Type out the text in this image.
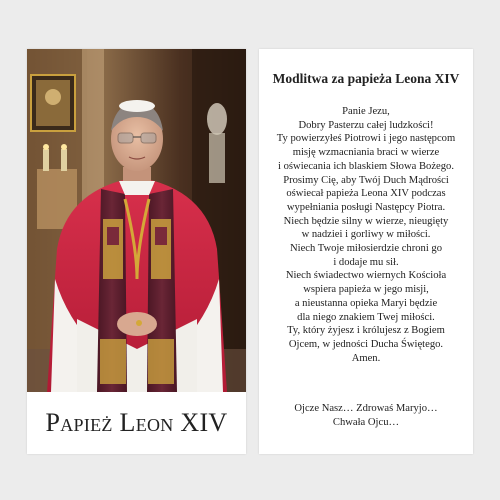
Papież Leon XIV
Modlitwa za papieża Leona XIV
Panie Jezu,
Dobry Pasterzu całej ludzkości!
Ty powierzyłeś Piotrowi i jego następcom
misję wzmacniania braci w wierze
i oświecania ich blaskiem Słowa Bożego.
Prosimy Cię, aby Twój Duch Mądrości
oświecał papieża Leona XIV podczas
wypełniania posługi Następcy Piotra.
Niech będzie silny w wierze, nieugięty
w nadziei i gorliwy w miłości.
Niech Twoje miłosierdzie chroni go
i dodaje mu sił.
Niech świadectwo wiernych Kościoła
wspiera papieża w jego misji,
a nieustanna opieka Maryi będzie
dla niego znakiem Twej miłości.
Ty, który żyjesz i królujesz z Bogiem
Ojcem, w jedności Ducha Świętego.
Amen.
Ojcze Nasz… Zdrowaś Maryjo…
Chwała Ojcu…
